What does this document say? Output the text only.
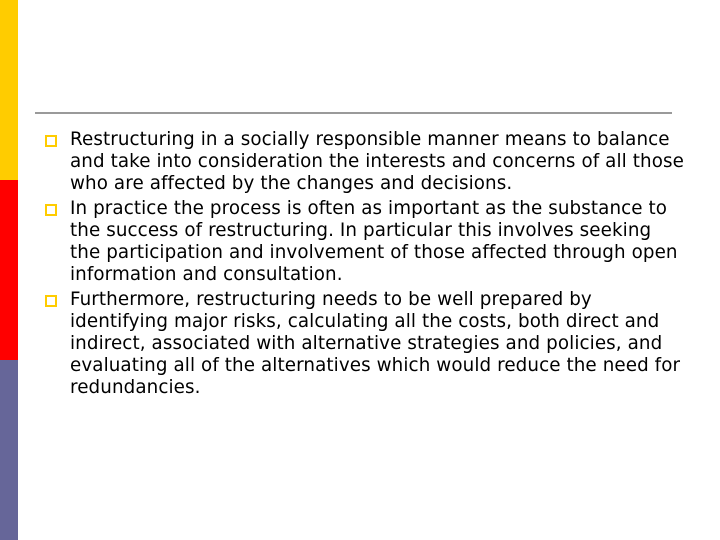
Restructuring in a socially responsible manner means to balance and take into consideration the interests and concerns of all those who are affected by the changes and decisions.
In practice the process is often as important as the substance to the success of restructuring. In particular this involves seeking the participation and involvement of those affected through open information and consultation.
Furthermore, restructuring needs to be well prepared by identifying major risks, calculating all the costs, both direct and indirect, associated with alternative strategies and policies, and evaluating all of the alternatives which would reduce the need for redundancies.
